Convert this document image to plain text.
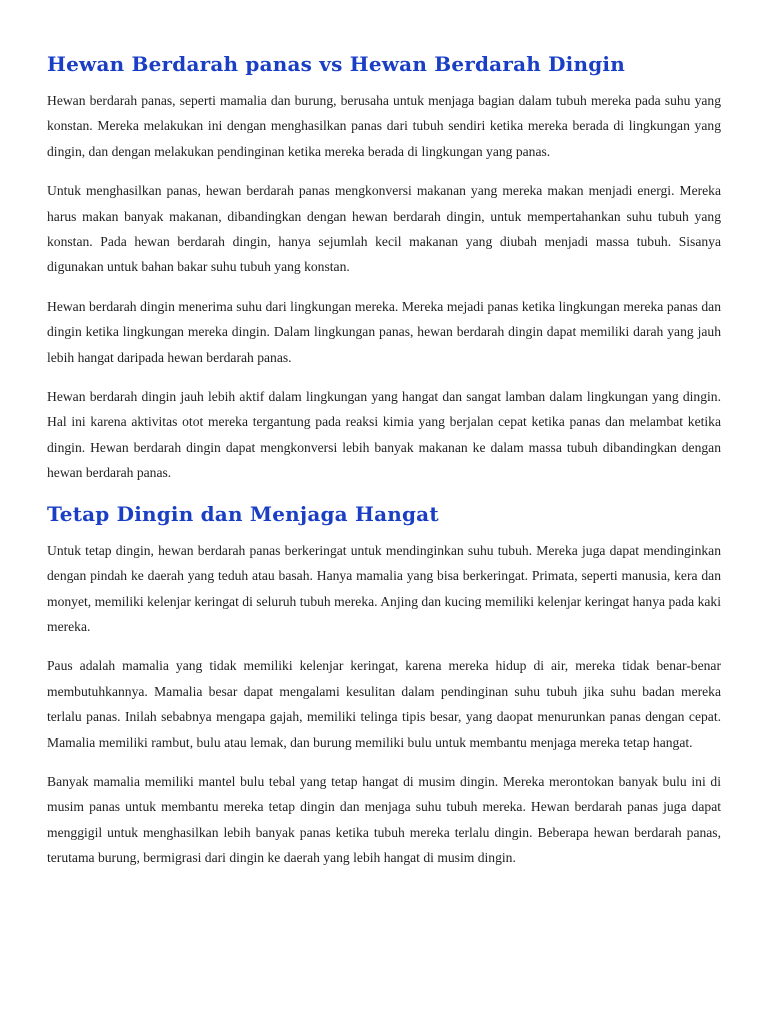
Hewan Berdarah panas vs Hewan Berdarah Dingin

Hewan berdarah panas, seperti mamalia dan burung, berusaha untuk menjaga bagian dalam tubuh mereka pada suhu yang konstan. Mereka melakukan ini dengan menghasilkan panas dari tubuh sendiri ketika mereka berada di lingkungan yang dingin, dan dengan melakukan pendinginan ketika mereka berada di lingkungan yang panas.

Untuk menghasilkan panas, hewan berdarah panas mengkonversi makanan yang mereka makan menjadi energi. Mereka harus makan banyak makanan, dibandingkan dengan hewan berdarah dingin, untuk mempertahankan suhu tubuh yang konstan. Pada hewan berdarah dingin, hanya sejumlah kecil makanan yang diubah menjadi massa tubuh. Sisanya digunakan untuk bahan bakar suhu tubuh yang konstan.

Hewan berdarah dingin menerima suhu dari lingkungan mereka. Mereka mejadi panas ketika lingkungan mereka panas dan dingin ketika lingkungan mereka dingin. Dalam lingkungan panas, hewan berdarah dingin dapat memiliki darah yang jauh lebih hangat daripada hewan berdarah panas.

Hewan berdarah dingin jauh lebih aktif dalam lingkungan yang hangat dan sangat lamban dalam lingkungan yang dingin. Hal ini karena aktivitas otot mereka tergantung pada reaksi kimia yang berjalan cepat ketika panas dan melambat ketika dingin. Hewan berdarah dingin dapat mengkonversi lebih banyak makanan ke dalam massa tubuh dibandingkan dengan hewan berdarah panas.

Tetap Dingin dan Menjaga Hangat

Untuk tetap dingin, hewan berdarah panas berkeringat untuk mendinginkan suhu tubuh. Mereka juga dapat mendinginkan dengan pindah ke daerah yang teduh atau basah. Hanya mamalia yang bisa berkeringat. Primata, seperti manusia, kera dan monyet, memiliki kelenjar keringat di seluruh tubuh mereka. Anjing dan kucing memiliki kelenjar keringat hanya pada kaki mereka.

Paus adalah mamalia yang tidak memiliki kelenjar keringat, karena mereka hidup di air, mereka tidak benar-benar membutuhkannya. Mamalia besar dapat mengalami kesulitan dalam pendinginan suhu tubuh jika suhu badan mereka terlalu panas. Inilah sebabnya mengapa gajah, memiliki telinga tipis besar, yang daopat menurunkan panas dengan cepat. Mamalia memiliki rambut, bulu atau lemak, dan burung memiliki bulu untuk membantu menjaga mereka tetap hangat.

Banyak mamalia memiliki mantel bulu tebal yang tetap hangat di musim dingin. Mereka merontokan banyak bulu ini di musim panas untuk membantu mereka tetap dingin dan menjaga suhu tubuh mereka. Hewan berdarah panas juga dapat menggigil untuk menghasilkan lebih banyak panas ketika tubuh mereka terlalu dingin. Beberapa hewan berdarah panas, terutama burung, bermigrasi dari dingin ke daerah yang lebih hangat di musim dingin.
